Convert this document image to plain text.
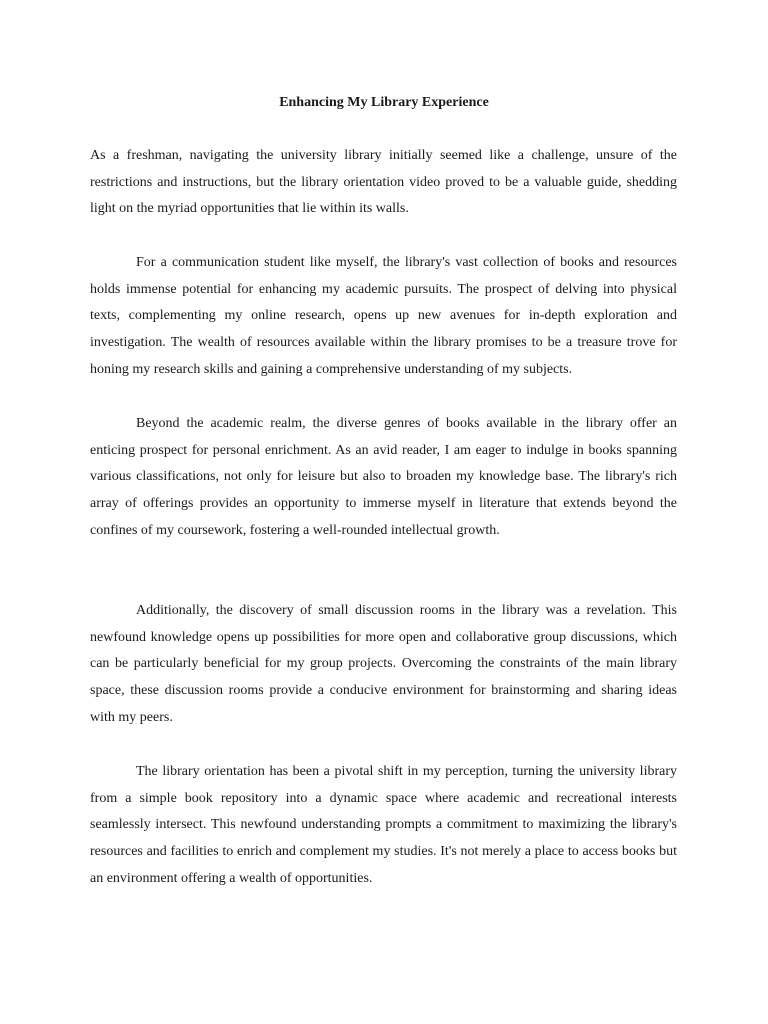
Enhancing My Library Experience

As a freshman, navigating the university library initially seemed like a challenge, unsure of the restrictions and instructions, but the library orientation video proved to be a valuable guide, shedding light on the myriad opportunities that lie within its walls.

For a communication student like myself, the library's vast collection of books and resources holds immense potential for enhancing my academic pursuits. The prospect of delving into physical texts, complementing my online research, opens up new avenues for in-depth exploration and investigation. The wealth of resources available within the library promises to be a treasure trove for honing my research skills and gaining a comprehensive understanding of my subjects.

Beyond the academic realm, the diverse genres of books available in the library offer an enticing prospect for personal enrichment. As an avid reader, I am eager to indulge in books spanning various classifications, not only for leisure but also to broaden my knowledge base. The library's rich array of offerings provides an opportunity to immerse myself in literature that extends beyond the confines of my coursework, fostering a well-rounded intellectual growth.

Additionally, the discovery of small discussion rooms in the library was a revelation. This newfound knowledge opens up possibilities for more open and collaborative group discussions, which can be particularly beneficial for my group projects. Overcoming the constraints of the main library space, these discussion rooms provide a conducive environment for brainstorming and sharing ideas with my peers.

The library orientation has been a pivotal shift in my perception, turning the university library from a simple book repository into a dynamic space where academic and recreational interests seamlessly intersect. This newfound understanding prompts a commitment to maximizing the library's resources and facilities to enrich and complement my studies. It's not merely a place to access books but an environment offering a wealth of opportunities.
